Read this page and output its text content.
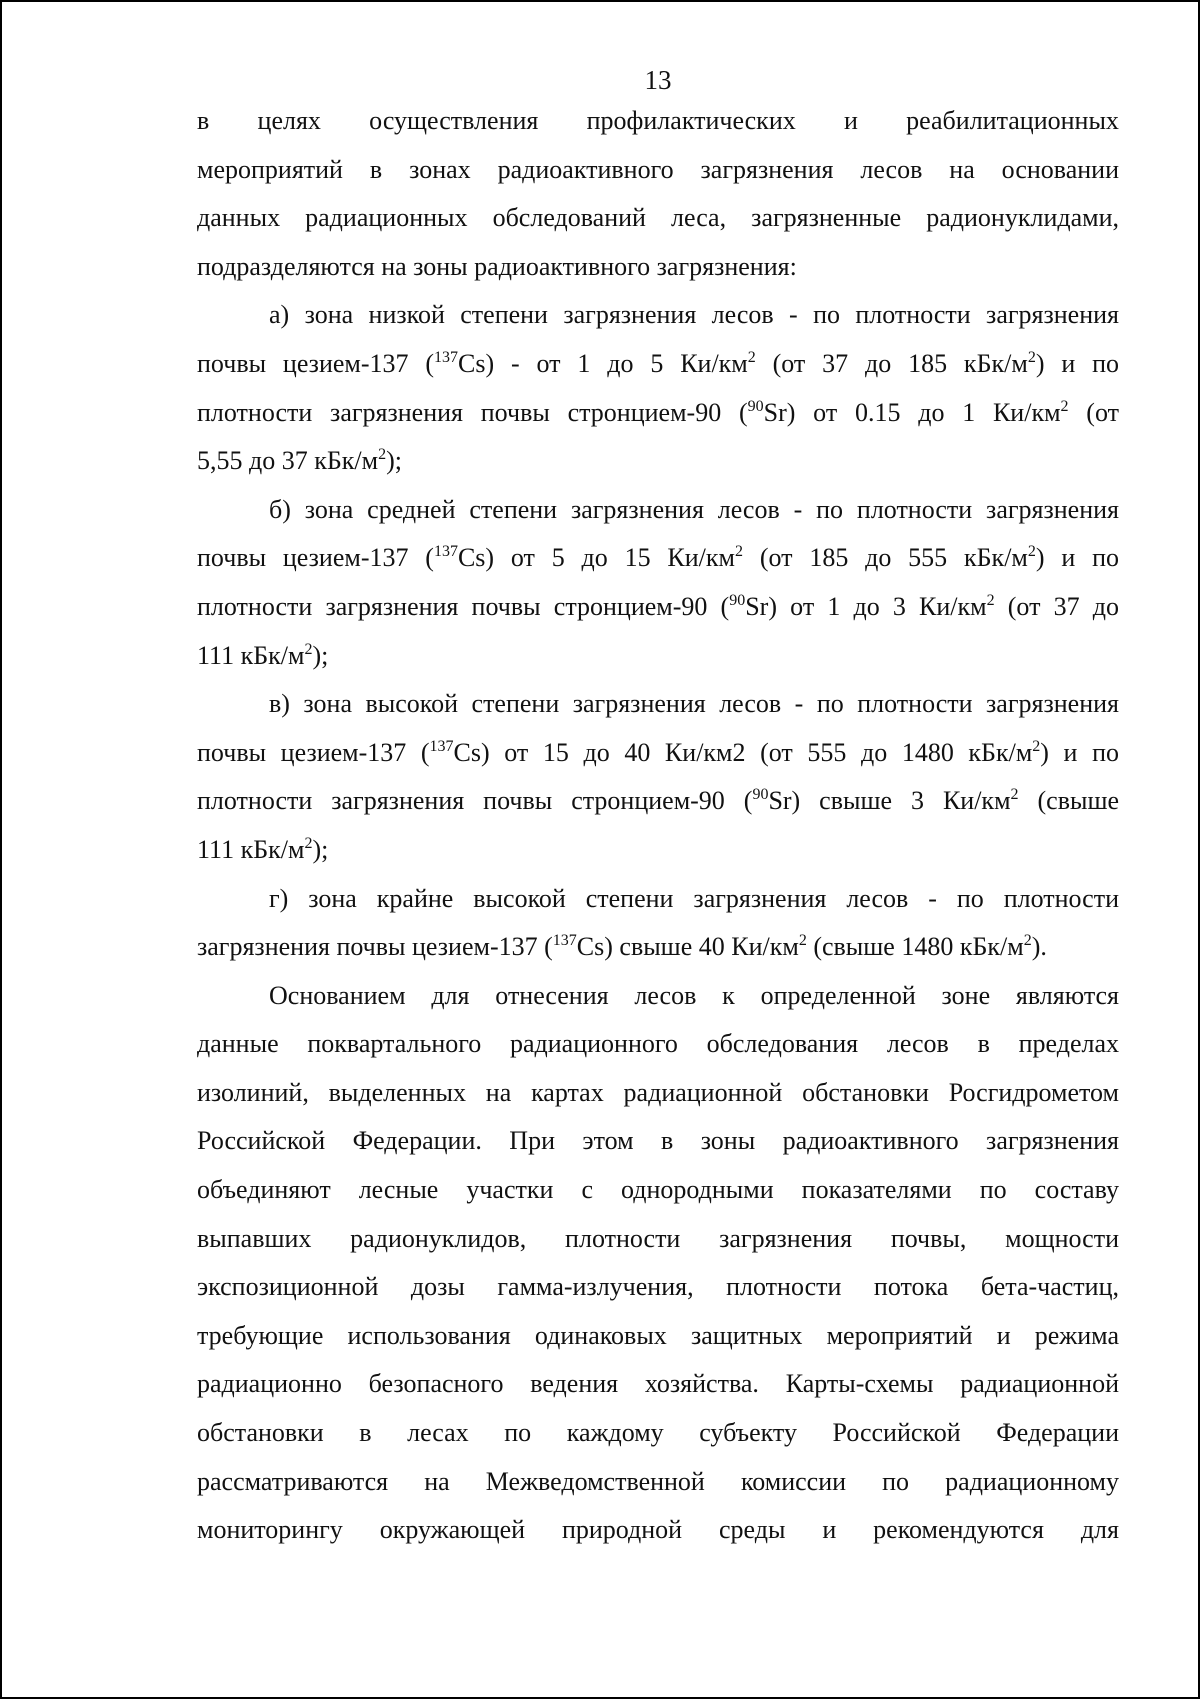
13
в целях осуществления профилактических и реабилитационных
мероприятий в зонах радиоактивного загрязнения лесов на основании
данных радиационных обследований леса, загрязненные радионуклидами,
подразделяются на зоны радиоактивного загрязнения:
а) зона низкой степени загрязнения лесов - по плотности загрязнения
почвы цезием-137 ($^{137}$Cs) - от 1 до 5 $Ки/км^2$ (от 37 до 185 кБк/$м^2$) и по
плотности загрязнения почвы стронцием-90 ($^{90}$Sr) от 0.15 до 1 $Ки/км^2$ (от
5,55 до 37 кБк/$м^2$);
б) зона средней степени загрязнения лесов - по плотности загрязнения
почвы цезием-137 ($^{137}$Cs) от 5 до 15 $Ки/км^2$ (от 185 до 555 кБк/$м^2$) и по
плотности загрязнения почвы стронцием-90 ($^{90}$Sr) от 1 до 3 $Ки/км^2$ (от 37 до
111 кБк/$м^2$);
в) зона высокой степени загрязнения лесов - по плотности загрязнения
почвы цезием-137 ($^{137}$Cs) от 15 до 40 Ки/км2 (от 555 до 1480 кБк/$м^2$) и по
плотности загрязнения почвы стронцием-90 ($^{90}$Sr) свыше 3 $Ки/км^2$ (свыше
111 кБк/$м^2$);
г) зона крайне высокой степени загрязнения лесов - по плотности
загрязнения почвы цезием-137 ($^{137}$Cs) свыше 40 $Ки/км^2$ (свыше 1480 кБк/$м^2$).
Основанием для отнесения лесов к определенной зоне являются
данные поквартального радиационного обследования лесов в пределах
изолиний, выделенных на картах радиационной обстановки Росгидрометом
Российской Федерации. При этом в зоны радиоактивного загрязнения
объединяют лесные участки с однородными показателями по составу
выпавших радионуклидов, плотности загрязнения почвы, мощности
экспозиционной дозы гамма-излучения, плотности потока бета-частиц,
требующие использования одинаковых защитных мероприятий и режима
радиационно безопасного ведения хозяйства. Карты-схемы радиационной
обстановки в лесах по каждому субъекту Российской Федерации
рассматриваются на Межведомственной комиссии по радиационному
мониторингу окружающей природной среды и рекомендуются для
